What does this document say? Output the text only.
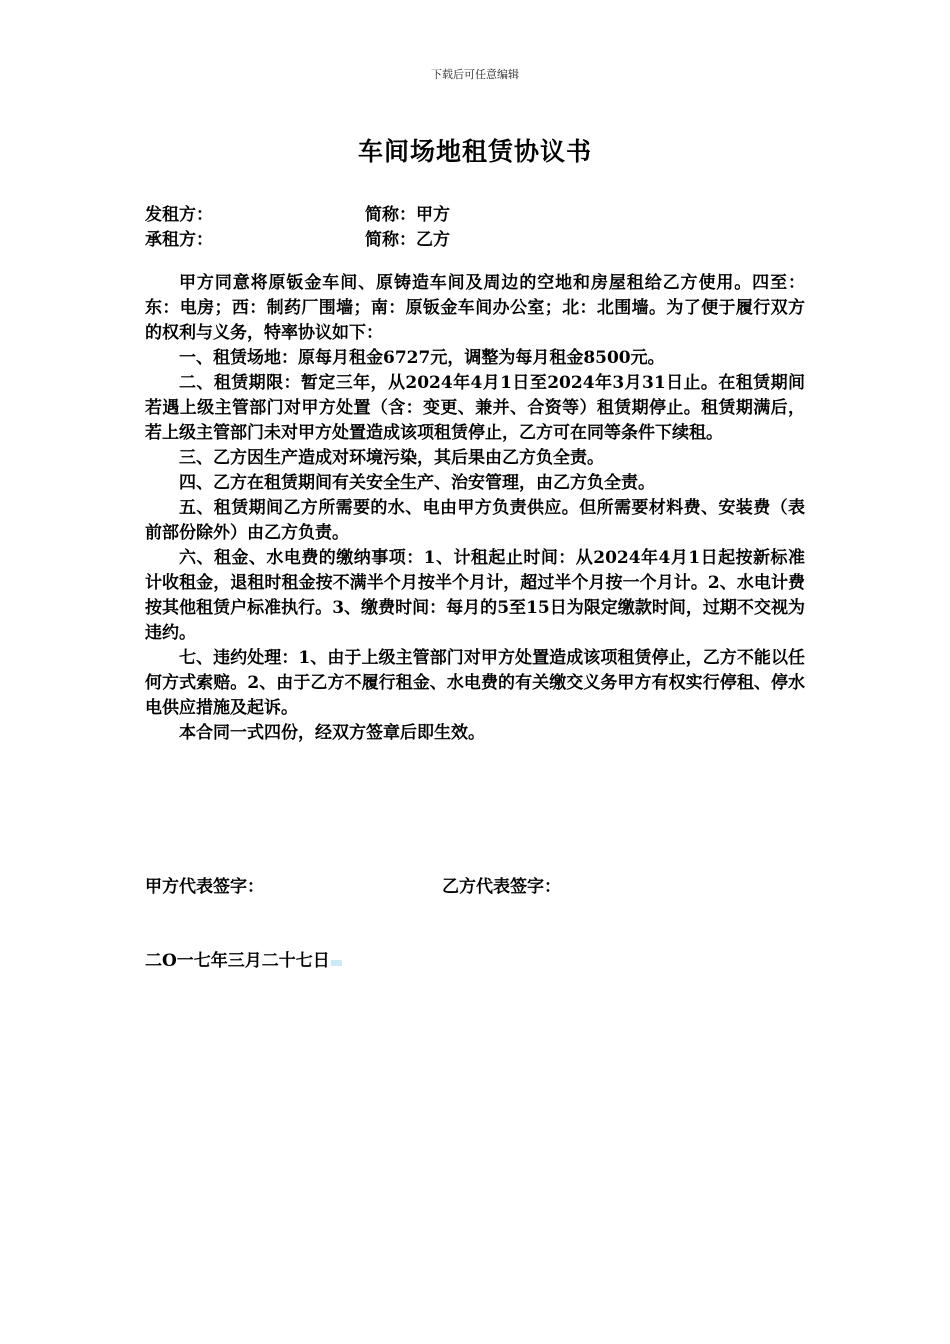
下载后可任意编辑
车间场地租赁协议书
发租方：	简称：甲方
承租方：	简称：乙方

甲方同意将原钣金车间、原铸造车间及周边的空地和房屋租给乙方使用。四至：东：电房；西：制药厂围墙；南：原钣金车间办公室；北：北围墙。为了便于履行双方的权利与义务，特率协议如下：

一、租赁场地：原每月租金6727元，调整为每月租金8500元。

二、租赁期限：暂定三年，从2024年4月1日至2024年3月31日止。在租赁期间若遇上级主管部门对甲方处置（含：变更、兼并、合资等）租赁期停止。租赁期满后，若上级主管部门未对甲方处置造成该项租赁停止，乙方可在同等条件下续租。

三、乙方因生产造成对环境污染，其后果由乙方负全责。

四、乙方在租赁期间有关安全生产、治安管理，由乙方负全责。

五、租赁期间乙方所需要的水、电由甲方负责供应。但所需要材料费、安装费（表前部份除外）由乙方负责。

六、租金、水电费的缴纳事项：1、计租起止时间：从2024年4月1日起按新标准计收租金，退租时租金按不满半个月按半个月计，超过半个月按一个月计。2、水电计费按其他租赁户标准执行。3、缴费时间：每月的5至15日为限定缴款时间，过期不交视为违约。

七、违约处理：1、由于上级主管部门对甲方处置造成该项租赁停止，乙方不能以任何方式索赔。2、由于乙方不履行租金、水电费的有关缴交义务甲方有权实行停租、停水电供应措施及起诉。

本合同一式四份，经双方签章后即生效。

甲方代表签字：	乙方代表签字：
二O一七年三月二十七日
